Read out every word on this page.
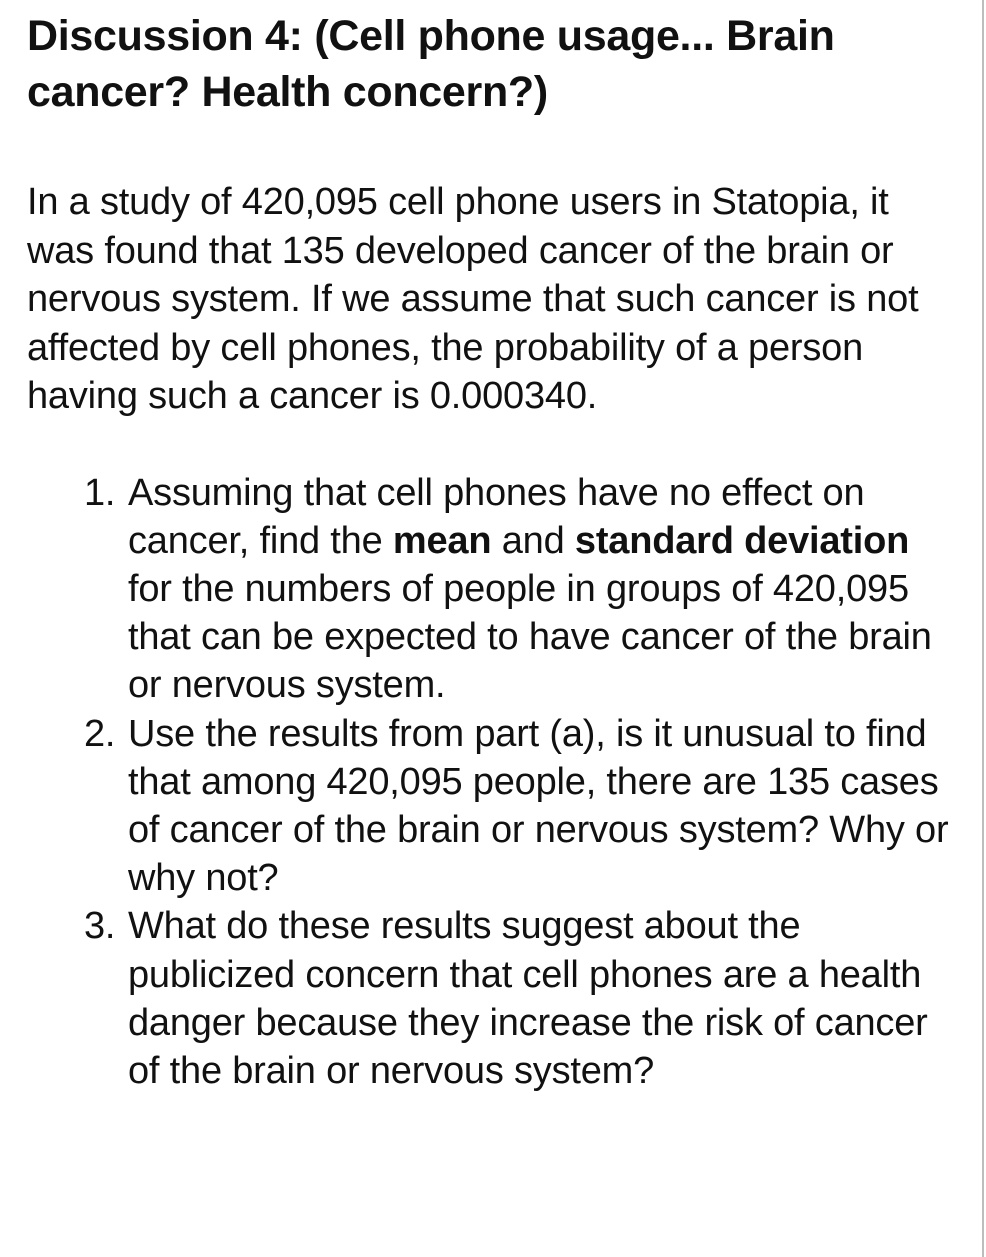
Discussion 4: (Cell phone usage... Brain cancer? Health concern?)

In a study of 420,095 cell phone users in Statopia, it was found that 135 developed cancer of the brain or nervous system. If we assume that such cancer is not affected by cell phones, the probability of a person having such a cancer is 0.000340.

1. Assuming that cell phones have no effect on cancer, find the mean and standard deviation for the numbers of people in groups of 420,095 that can be expected to have cancer of the brain or nervous system.
2. Use the results from part (a), is it unusual to find that among 420,095 people, there are 135 cases of cancer of the brain or nervous system? Why or why not?
3. What do these results suggest about the publicized concern that cell phones are a health danger because they increase the risk of cancer of the brain or nervous system?
